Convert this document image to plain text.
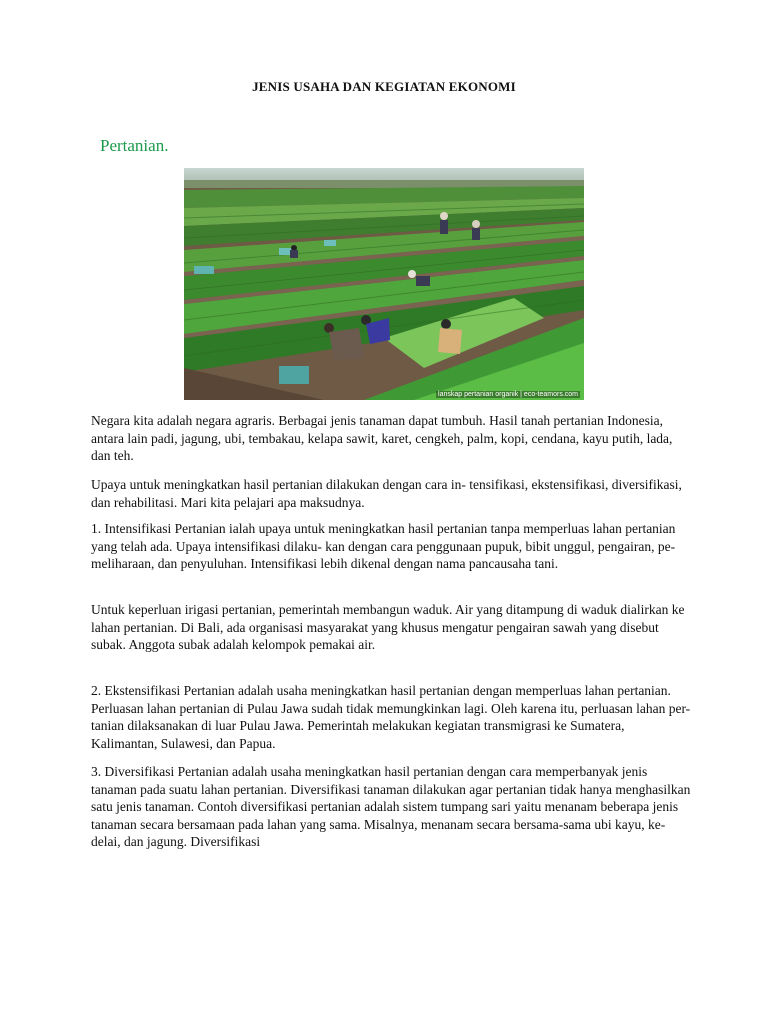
JENIS USAHA DAN KEGIATAN EKONOMI
Pertanian.
lanskap pertanian organik | eco-teamors.com

Negara kita adalah negara agraris. Berbagai jenis tanaman dapat tumbuh. Hasil tanah pertanian Indonesia, antara lain padi, jagung, ubi, tembakau, kelapa sawit, karet, cengkeh, palm, kopi, cendana, kayu putih, lada, dan teh.

Upaya untuk meningkatkan hasil pertanian dilakukan dengan cara in- tensifikasi, ekstensifikasi, diversifikasi, dan rehabilitasi. Mari kita pelajari apa maksudnya.

1. Intensifikasi Pertanian ialah upaya untuk meningkatkan hasil pertanian tanpa memperluas lahan pertanian yang telah ada. Upaya intensifikasi dilaku- kan dengan cara penggunaan pupuk, bibit unggul, pengairan, pe- meliharaan, dan penyuluhan. Intensifikasi lebih dikenal dengan nama pancausaha tani.

Untuk keperluan irigasi pertanian, pemerintah membangun waduk. Air yang ditampung di waduk dialirkan ke lahan pertanian. Di Bali, ada organisasi masyarakat yang khusus mengatur pengairan sawah yang disebut subak. Anggota subak adalah kelompok pemakai air.

2. Ekstensifikasi Pertanian adalah usaha meningkatkan hasil pertanian dengan memperluas lahan pertanian. Perluasan lahan pertanian di Pulau Jawa sudah tidak memungkinkan lagi. Oleh karena itu, perluasan lahan per- tanian dilaksanakan di luar Pulau Jawa. Pemerintah melakukan kegiatan transmigrasi ke Sumatera, Kalimantan, Sulawesi, dan Papua.

3. Diversifikasi Pertanian adalah usaha meningkatkan hasil pertanian dengan cara memperbanyak jenis tanaman pada suatu lahan pertanian. Diversifikasi tanaman dilakukan agar pertanian tidak hanya menghasilkan satu jenis tanaman. Contoh diversifikasi pertanian adalah sistem tumpang sari yaitu menanam beberapa jenis tanaman secara bersamaan pada lahan yang sama. Misalnya, menanam secara bersama-sama ubi kayu, ke- delai, dan jagung. Diversifikasi
